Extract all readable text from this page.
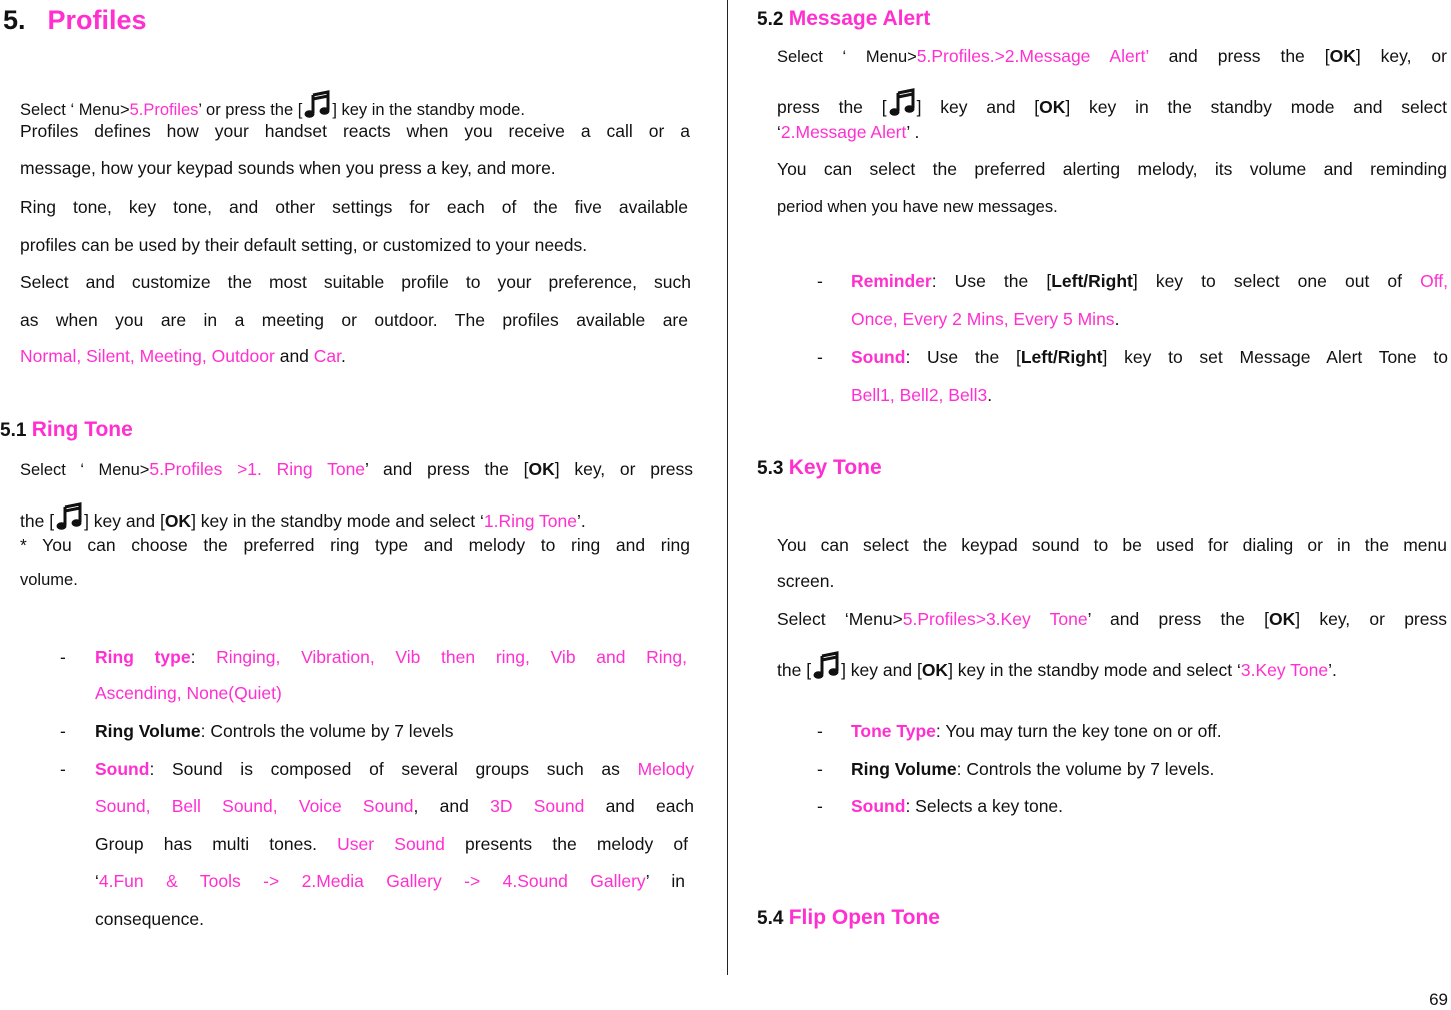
5. Profiles
Select ‘ Menu>5.Profiles’ or press the [ ] key in the standby mode.
Profiles defines how your handset reacts when you receive a call or a
message, how your keypad sounds when you press a key, and more.
Ring tone, key tone, and other settings for each of the five available
profiles can be used by their default setting, or customized to your needs.
Select and customize the most suitable profile to your preference, such
as when you are in a meeting or outdoor. The profiles available are
Normal, Silent, Meeting, Outdoor and Car.
5.1 Ring Tone
Select ‘ Menu>5.Profiles >1. Ring Tone’ and press the [OK] key, or press
the [ ] key and [OK] key in the standby mode and select ‘1.Ring Tone’.
* You can choose the preferred ring type and melody to ring and ring
volume.
- Ring type: Ringing, Vibration, Vib then ring, Vib and Ring,
Ascending, None(Quiet)
- Ring Volume: Controls the volume by 7 levels
- Sound: Sound is composed of several groups such as Melody
Sound, Bell Sound, Voice Sound, and 3D Sound and each
Group has multi tones. User Sound presents the melody of
‘4.Fun & Tools -> 2.Media Gallery -> 4.Sound Gallery’ in
consequence.
5.2 Message Alert
Select ‘ Menu>5.Profiles.>2.Message Alert’ and press the [OK] key, or
press the [ ] key and [OK] key in the standby mode and select
‘2.Message Alert’ .
You can select the preferred alerting melody, its volume and reminding
period when you have new messages.
- Reminder: Use the [Left/Right] key to select one out of Off,
Once, Every 2 Mins, Every 5 Mins.
- Sound: Use the [Left/Right] key to set Message Alert Tone to
Bell1, Bell2, Bell3.
5.3 Key Tone
You can select the keypad sound to be used for dialing or in the menu
screen.
Select ‘Menu>5.Profiles>3.Key Tone’ and press the [OK] key, or press
the [ ] key and [OK] key in the standby mode and select ‘3.Key Tone’.
- Tone Type: You may turn the key tone on or off.
- Ring Volume: Controls the volume by 7 levels.
- Sound: Selects a key tone.
5.4 Flip Open Tone
69
